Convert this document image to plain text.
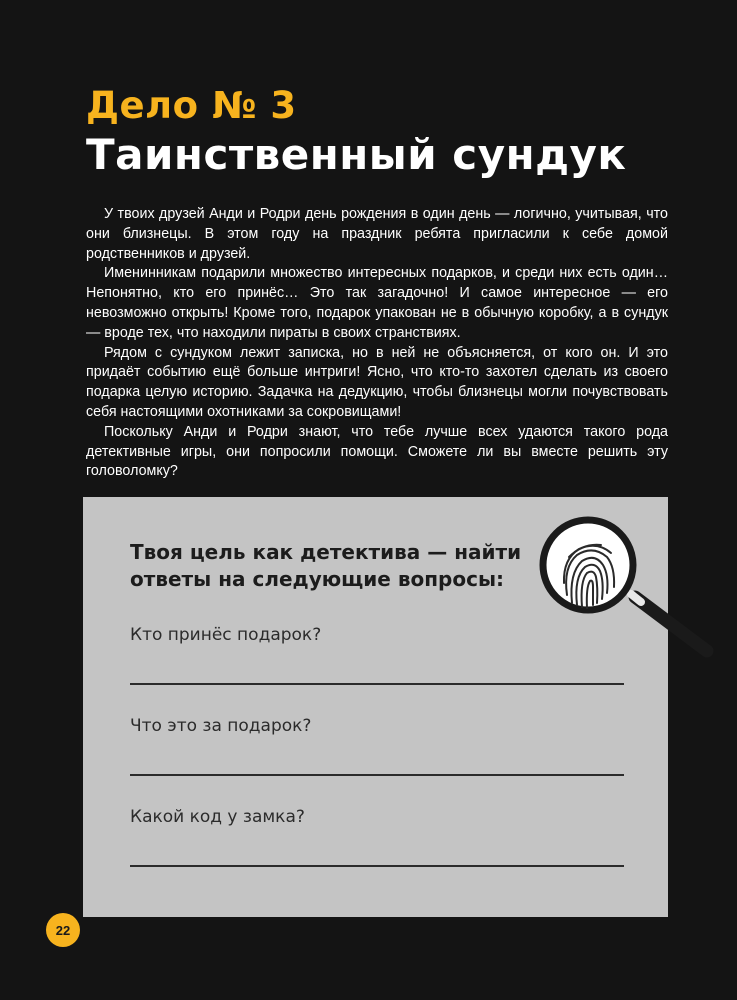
Дело № 3
Таинственный сундук

У твоих друзей Анди и Родри день рождения в один день — логично, учитывая, что они близнецы. В этом году на праздник ребята пригласили к себе домой родственников и друзей.

Именинникам подарили множество интересных подарков, и среди них есть один… Непонятно, кто его принёс… Это так загадочно! И самое интересное — его невозможно открыть! Кроме того, подарок упакован не в обычную коробку, а в сундук — вроде тех, что находили пираты в своих странствиях.

Рядом с сундуком лежит записка, но в ней не объясняется, от кого он. И это придаёт событию ещё больше интриги! Ясно, что кто-то захотел сделать из своего подарка целую историю. Задачка на дедукцию, чтобы близнецы могли почувствовать себя настоящими охотниками за сокровищами!

Поскольку Анди и Родри знают, что тебе лучше всех удаются такого рода детективные игры, они попросили помощи. Сможете ли вы вместе решить эту головоломку?

Твоя цель как детектива — найти
ответы на следующие вопросы:
Кто принёс подарок?
Что это за подарок?
Какой код у замка?
22
